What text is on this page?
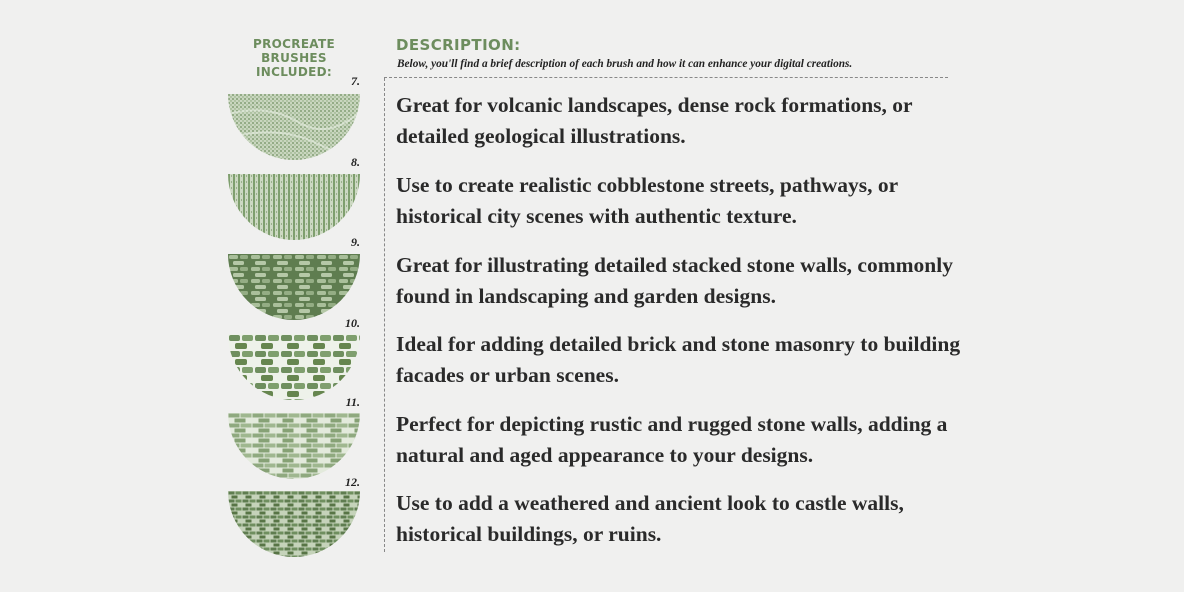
PROCREATE BRUSHES INCLUDED:
DESCRIPTION:
Below, you'll find a brief description of each brush and how it can enhance your digital creations.
7.
Great for volcanic landscapes, dense rock formations, or detailed geological illustrations.
8.
Use to create realistic cobblestone streets, pathways, or historical city scenes with authentic texture.
9.
Great for illustrating detailed stacked stone walls, commonly found in landscaping and garden designs.
10.
Ideal for adding detailed brick and stone masonry to building facades or urban scenes.
11.
Perfect for depicting rustic and rugged stone walls, adding a natural and aged appearance to your designs.
12.
Use to add a weathered and ancient look to castle walls, historical buildings, or ruins.
